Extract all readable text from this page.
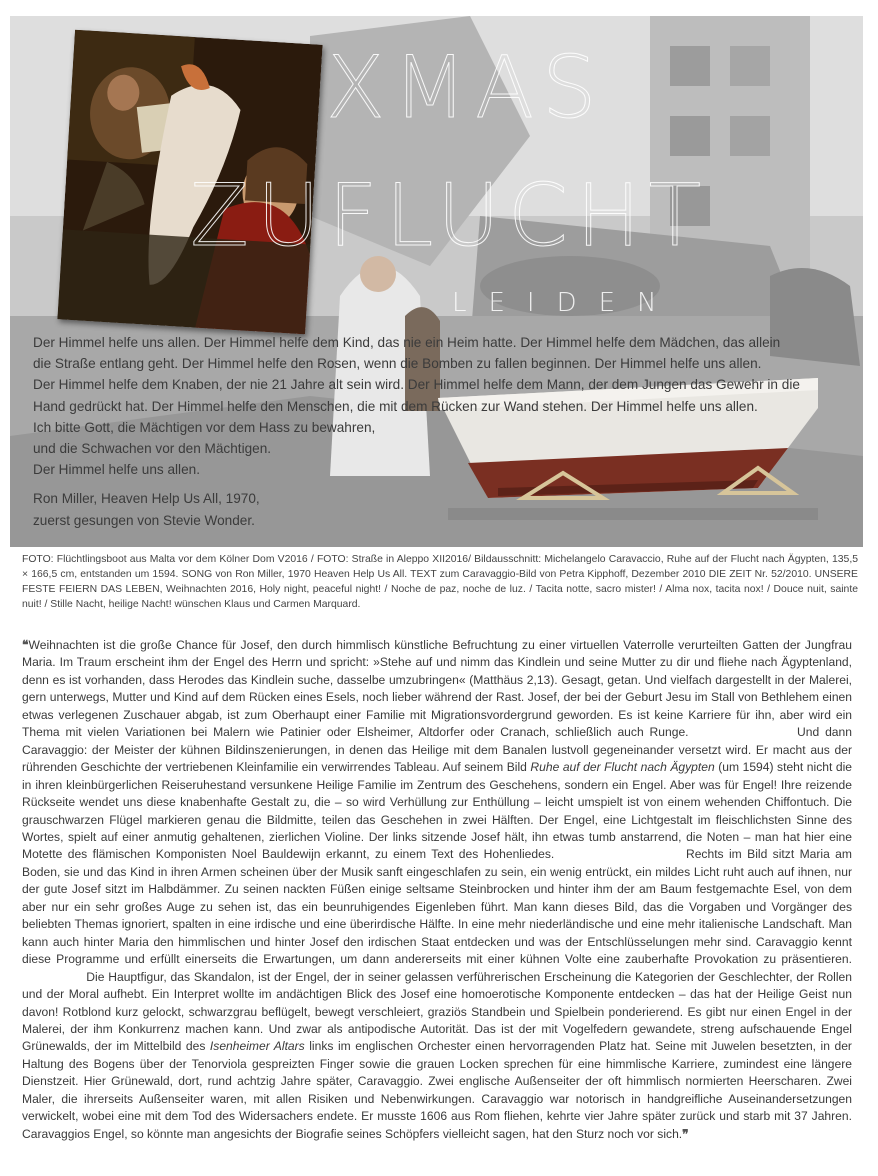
XMAS
ZUFLUCHT
LEIDEN
Der Himmel helfe uns allen. Der Himmel helfe dem Kind, das nie ein Heim hatte. Der Himmel helfe dem Mädchen, das allein
die Straße entlang geht. Der Himmel helfe den Rosen, wenn die Bomben zu fallen beginnen. Der Himmel helfe uns allen.
Der Himmel helfe dem Knaben, der nie 21 Jahre alt sein wird. Der Himmel helfe dem Mann, der dem Jungen das Gewehr in die
Hand gedrückt hat. Der Himmel helfe den Menschen, die mit dem Rücken zur Wand stehen. Der Himmel helfe uns allen.
Ich bitte Gott, die Mächtigen vor dem Hass zu bewahren,
und die Schwachen vor den Mächtigen.
Der Himmel helfe uns allen.
Ron Miller, Heaven Help Us All, 1970,
zuerst gesungen von Stevie Wonder.
FOTO: Flüchtlingsboot aus Malta vor dem Kölner Dom V2016 / FOTO: Straße in Aleppo XII2016/ Bildausschnitt: Michelangelo Caravaccio, Ruhe auf der Flucht nach Ägypten, 135,5 × 166,5 cm, entstanden um 1594. SONG von Ron Miller, 1970 Heaven Help Us All. TEXT zum Caravaggio-Bild von Petra Kipphoff, Dezember 2010 DIE ZEIT Nr. 52/2010. UNSERE FESTE FEIERN DAS LEBEN, Weihnachten 2016, Holy night, peaceful night! / Noche de paz, noche de luz. / Tacita notte, sacro mister! / Alma nox, tacita nox! / Douce nuit, sainte nuit! / Stille Nacht, heilige Nacht! wünschen Klaus und Carmen Marquard.
❝Weihnachten ist die große Chance für Josef, den durch himmlisch künstliche Befruchtung zu einer virtuellen Vaterrolle verurteilten Gatten der Jungfrau Maria. Im Traum erscheint ihm der Engel des Herrn und spricht: »Stehe auf und nimm das Kindlein und seine Mutter zu dir und fliehe nach Ägyptenland, denn es ist vorhanden, dass Herodes das Kindlein suche, dasselbe umzubringen« (Matthäus 2,13). Gesagt, getan. Und vielfach dargestellt in der Malerei, gern unterwegs, Mutter und Kind auf dem Rücken eines Esels, noch lieber während der Rast. Josef, der bei der Geburt Jesu im Stall von Bethlehem einen etwas verlegenen Zuschauer abgab, ist zum Oberhaupt einer Familie mit Migrationsvordergrund geworden. Es ist keine Karriere für ihn, aber wird ein Thema mit vielen Variationen bei Malern wie Patinier oder Elsheimer, Altdorfer oder Cranach, schließlich auch Runge.         	Und dann Caravaggio: der Meister der kühnen Bildinszenierungen, in denen das Heilige mit dem Banalen lustvoll gegeneinander versetzt wird. Er macht aus der rührenden Geschichte der vertriebenen Kleinfamilie ein verwirrendes Tableau. Auf seinem Bild Ruhe auf der Flucht nach Ägypten (um 1594) steht nicht die in ihren kleinbürgerlichen Reiseruhestand versunkene Heilige Familie im Zentrum des Geschehens, sondern ein Engel. Aber was für Engel! Ihre reizende Rückseite wendet uns diese knabenhafte Gestalt zu, die – so wird Verhüllung zur Enthüllung – leicht umspielt ist von einem wehenden Chiffontuch. Die grauschwarzen Flügel markieren genau die Bildmitte, teilen das Geschehen in zwei Hälften. Der Engel, eine Lichtgestalt im fleischlichsten Sinne des Wortes, spielt auf einer anmutig gehaltenen, zierlichen Violine. Der links sitzende Josef hält, ihn etwas tumb anstarrend, die Noten – man hat hier eine Motette des flämischen Komponisten Noel Bauldewijn erkannt, zu einem Text des Hohenliedes.           	Rechts im Bild sitzt Maria am Boden, sie und das Kind in ihren Armen scheinen über der Musik sanft eingeschlafen zu sein, ein wenig entrückt, ein mildes Licht ruht auch auf ihnen, nur der gute Josef sitzt im Halbdämmer. Zu seinen nackten Füßen einige seltsame Steinbrocken und hinter ihm der am Baum festgemachte Esel, von dem aber nur ein sehr großes Auge zu sehen ist, das ein beunruhigendes Eigenleben führt. Man kann dieses Bild, das die Vorgaben und Vorgänger des beliebten Themas ignoriert, spalten in eine irdische und eine überirdische Hälfte. In eine mehr niederländische und eine mehr italienische Landschaft. Man kann auch hinter Maria den himmlischen und hinter Josef den irdischen Staat entdecken und was der Entschlüsselungen mehr sind. Caravaggio kennt diese Programme und erfüllt einerseits die Erwartungen, um dann andererseits mit einer kühnen Volte eine zauberhafte Provokation zu präsentieren.       Die Hauptfigur, das Skandalon, ist der Engel, der in seiner gelassen verführerischen Erscheinung die Kategorien der Geschlechter, der Rollen und der Moral aufhebt. Ein Interpret wollte im andächtigen Blick des Josef eine homoerotische Komponente entdecken – das hat der Heilige Geist nun davon! Rotblond kurz gelockt, schwarzgrau beflügelt, bewegt verschleiert, graziös Standbein und Spielbein ponderierend. Es gibt nur einen Engel in der Malerei, der ihm Konkurrenz machen kann. Und zwar als antipodische Autorität. Das ist der mit Vogelfedern gewandete, streng aufschauende Engel Grünewalds, der im Mittelbild des Isenheimer Altars links im englischen Orchester einen hervorragenden Platz hat. Seine mit Juwelen besetzten, in der Haltung des Bogens über der Tenorviola gespreizten Finger sowie die grauen Locken sprechen für eine himmlische Karriere, zumindest eine längere Dienstzeit. Hier Grünewald, dort, rund achtzig Jahre später, Caravaggio. Zwei englische Außenseiter der oft himmlisch normierten Heerscharen. Zwei Maler, die ihrerseits Außenseiter waren, mit allen Risiken und Nebenwirkungen. Caravaggio war notorisch in handgreifliche Auseinandersetzungen verwickelt, wobei eine mit dem Tod des Widersachers endete. Er musste 1606 aus Rom fliehen, kehrte vier Jahre später zurück und starb mit 37 Jahren. Caravaggios Engel, so könnte man angesichts der Biografie seines Schöpfers vielleicht sagen, hat den Sturz noch vor sich.❞
